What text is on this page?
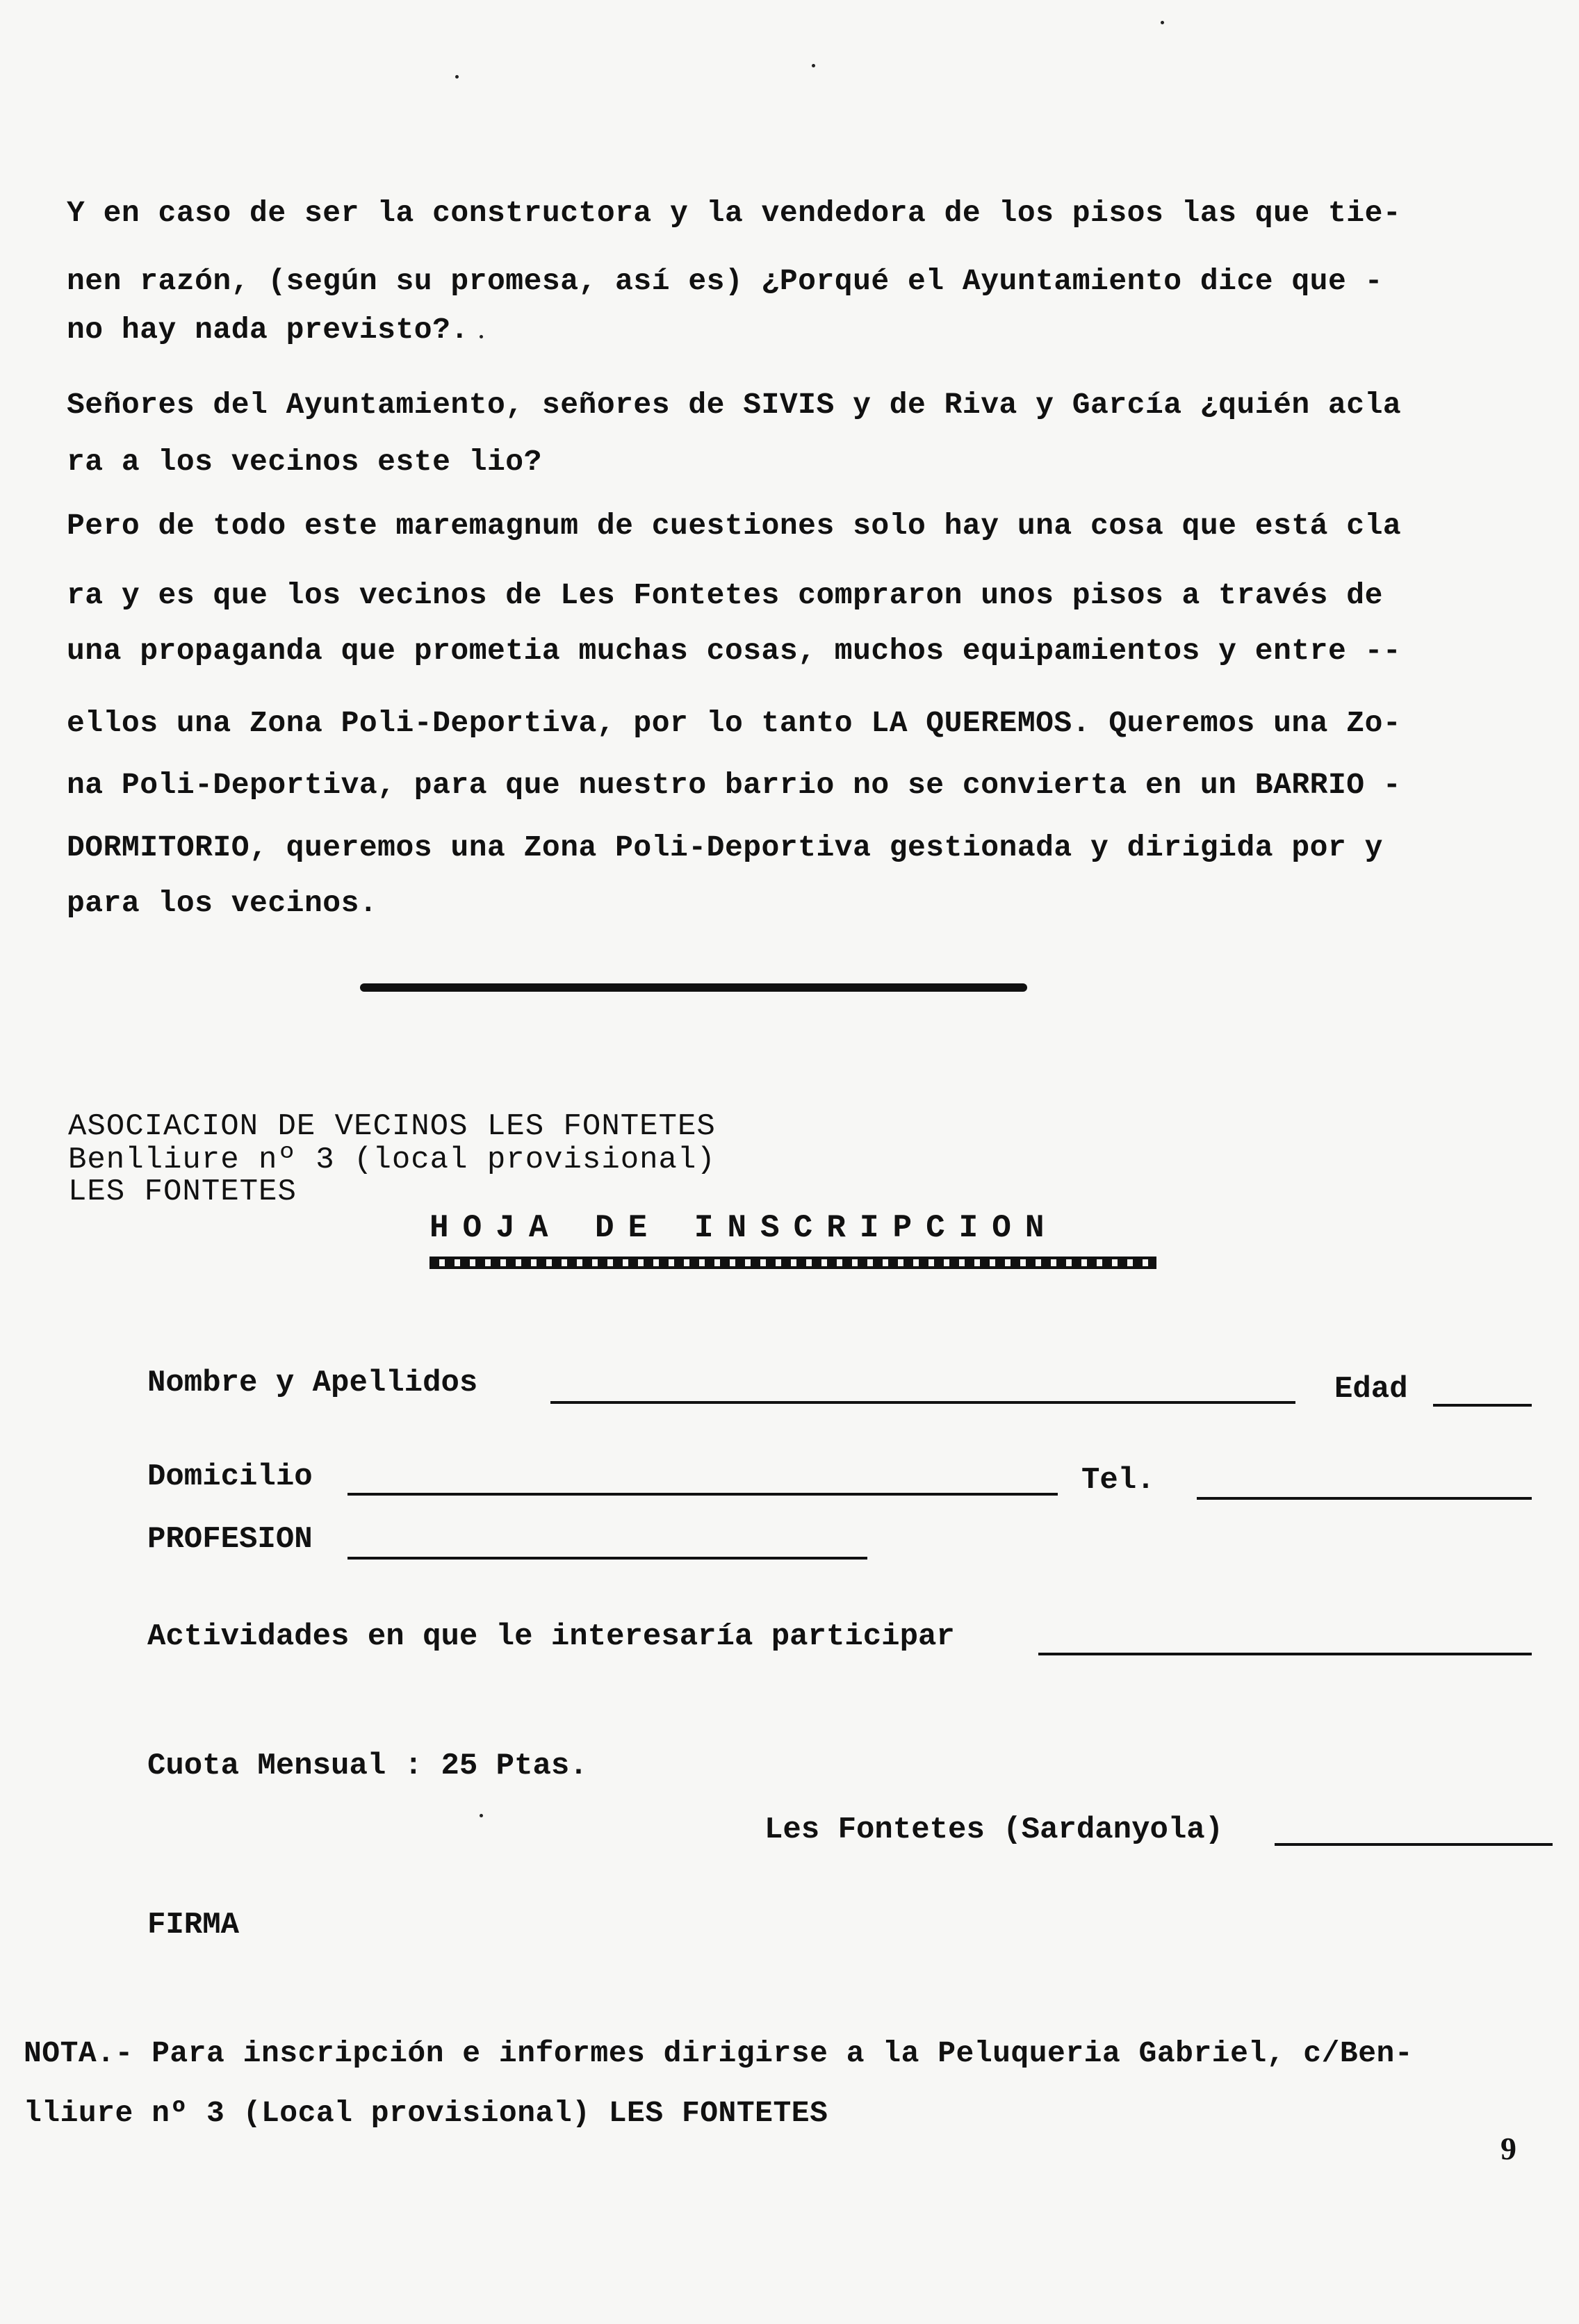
Y en caso de ser la constructora y la vendedora de los pisos las que tie-
nen razón, (según su promesa, así es) ¿Porqué el Ayuntamiento dice que -
no hay nada previsto?.
Señores del Ayuntamiento, señores de SIVIS y de Riva y García ¿quién acla
ra a los vecinos este lio?
Pero de todo este maremagnum de cuestiones solo hay una cosa que está cla
ra y es que los vecinos de Les Fontetes compraron unos pisos a través de
una propaganda que prometia muchas cosas, muchos equipamientos y entre --
ellos una Zona Poli-Deportiva, por lo tanto LA QUEREMOS. Queremos una Zo-
na Poli-Deportiva, para que nuestro barrio no se convierta en un BARRIO -
DORMITORIO, queremos una Zona Poli-Deportiva gestionada y dirigida por y
para los vecinos.
ASOCIACION DE VECINOS LES FONTETES
Benlliure nº 3 (local provisional)
LES FONTETES
HOJA DE INSCRIPCION
Nombre y Apellidos	Edad
Domicilio	Tel.
PROFESION
Actividades en que le interesaría participar
Cuota Mensual : 25 Ptas.
Les Fontetes (Sardanyola)
FIRMA
NOTA.- Para inscripción e informes dirigirse a la Peluqueria Gabriel, c/Ben-
lliure nº 3 (Local provisional) LES FONTETES
9
